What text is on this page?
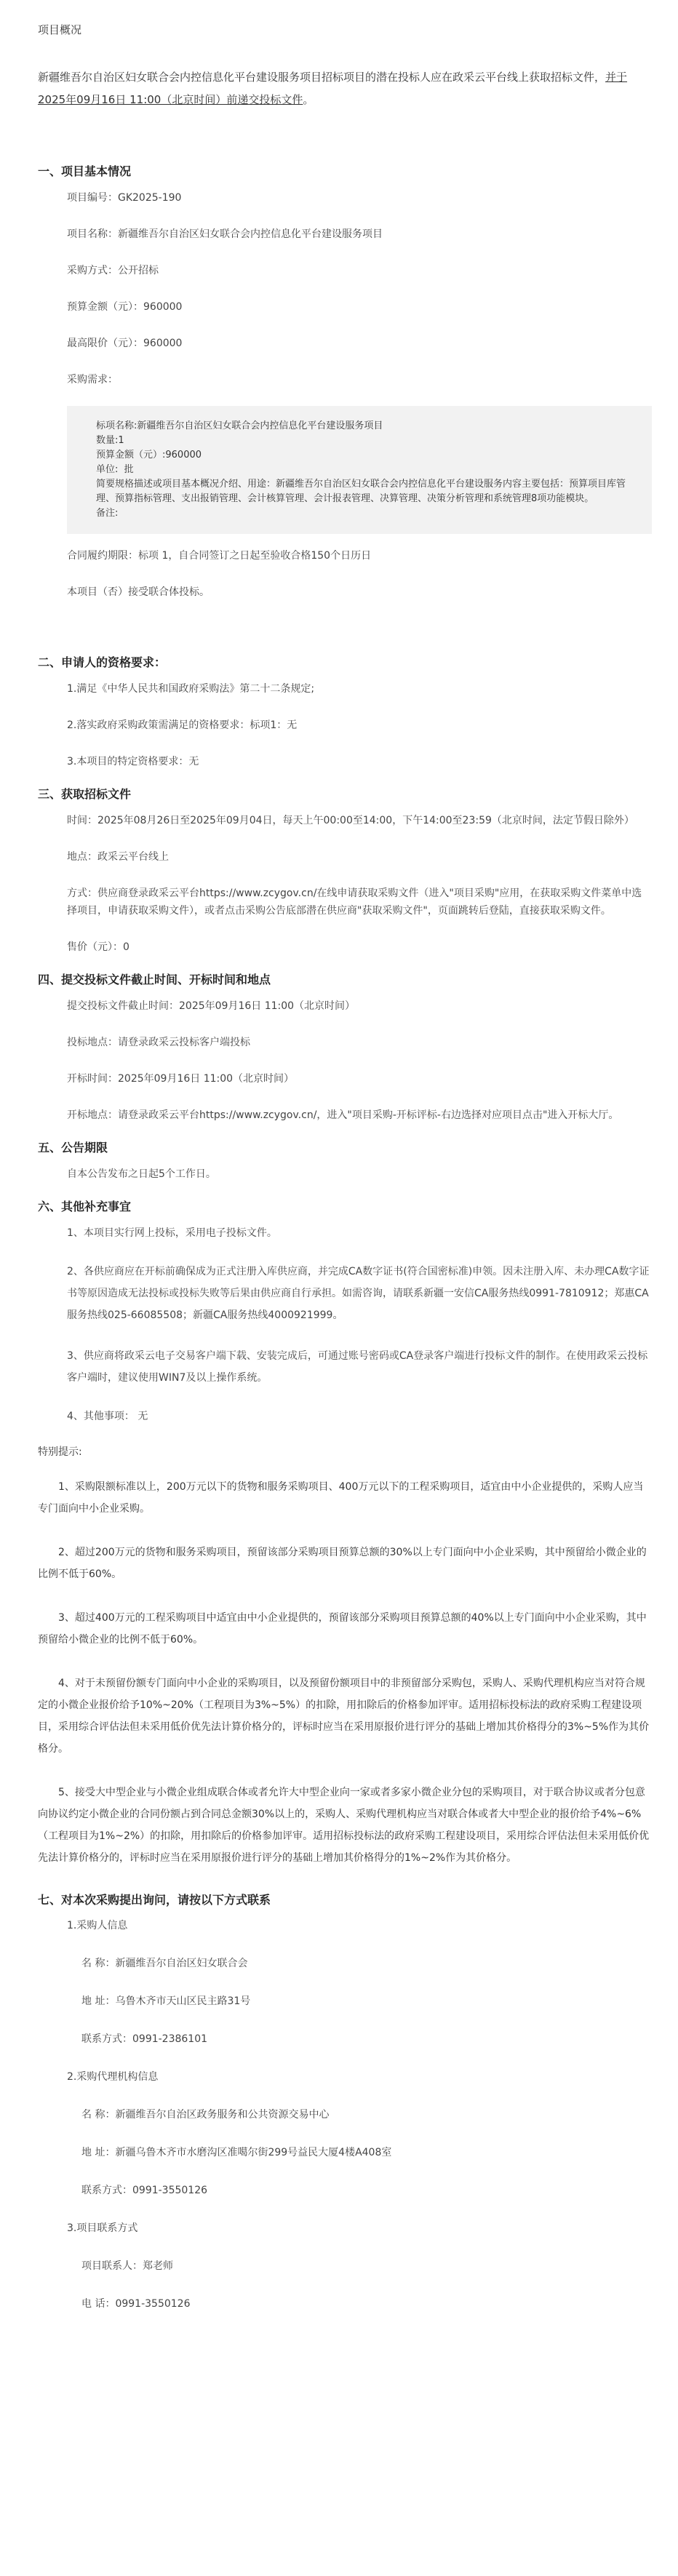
项目概况
新疆维吾尔自治区妇女联合会内控信息化平台建设服务项目招标项目的潜在投标人应在政采云平台线上获取招标文件，并于2025年09月16日 11:00（北京时间）前递交投标文件。
一、项目基本情况
项目编号：GK2025-190
项目名称：新疆维吾尔自治区妇女联合会内控信息化平台建设服务项目
采购方式：公开招标
预算金额（元）：960000
最高限价（元）：960000
采购需求：
标项名称:新疆维吾尔自治区妇女联合会内控信息化平台建设服务项目
数量:1
预算金额（元）:960000
单位:  批
简要规格描述或项目基本概况介绍、用途：新疆维吾尔自治区妇女联合会内控信息化平台建设服务内容主要包括：预算项目库管理、预算指标管理、支出报销管理、会计核算管理、会计报表管理、决算管理、决策分析管理和系统管理8项功能模块。
备注:
合同履约期限：标项 1，自合同签订之日起至验收合格150个日历日
本项目（否）接受联合体投标。
二、申请人的资格要求：
1.满足《中华人民共和国政府采购法》第二十二条规定;
2.落实政府采购政策需满足的资格要求：标项1：无
3.本项目的特定资格要求：无
三、获取招标文件
时间：2025年08月26日至2025年09月04日，每天上午00:00至14:00，下午14:00至23:59（北京时间，法定节假日除外）
地点：政采云平台线上
方式：供应商登录政采云平台https://www.zcygov.cn/在线申请获取采购文件（进入"项目采购"应用，在获取采购文件菜单中选择项目，申请获取采购文件），或者点击采购公告底部潜在供应商"获取采购文件"，页面跳转后登陆，直接获取采购文件。
售价（元）：0
四、提交投标文件截止时间、开标时间和地点
提交投标文件截止时间：2025年09月16日 11:00（北京时间）
投标地点：请登录政采云投标客户端投标
开标时间：2025年09月16日 11:00（北京时间）
开标地点：请登录政采云平台https://www.zcygov.cn/，进入"项目采购-开标评标-右边选择对应项目点击"进入开标大厅。
五、公告期限
自本公告发布之日起5个工作日。
六、其他补充事宜
1、本项目实行网上投标，采用电子投标文件。
2、各供应商应在开标前确保成为正式注册入库供应商，并完成CA数字证书(符合国密标准)申领。因未注册入库、未办理CA数字证书等原因造成无法投标或投标失败等后果由供应商自行承担。如需咨询，请联系新疆一安信CA服务热线0991-7810912；郑惠CA服务热线025-66085508；新疆CA服务热线4000921999。
3、供应商将政采云电子交易客户端下载、安装完成后，可通过账号密码或CA登录客户端进行投标文件的制作。在使用政采云投标客户端时，建议使用WIN7及以上操作系统。
4、其他事项： 无
特别提示:
1、采购限额标准以上，200万元以下的货物和服务采购项目、400万元以下的工程采购项目，适宜由中小企业提供的，采购人应当专门面向中小企业采购。
2、超过200万元的货物和服务采购项目，预留该部分采购项目预算总额的30%以上专门面向中小企业采购，其中预留给小微企业的比例不低于60%。
3、超过400万元的工程采购项目中适宜由中小企业提供的，预留该部分采购项目预算总额的40%以上专门面向中小企业采购，其中预留给小微企业的比例不低于60%。
4、对于未预留份额专门面向中小企业的采购项目，以及预留份额项目中的非预留部分采购包，采购人、采购代理机构应当对符合规定的小微企业报价给予10%~20%（工程项目为3%~5%）的扣除，用扣除后的价格参加评审。适用招标投标法的政府采购工程建设项目，采用综合评估法但未采用低价优先法计算价格分的，评标时应当在采用原报价进行评分的基础上增加其价格得分的3%~5%作为其价格分。
5、接受大中型企业与小微企业组成联合体或者允许大中型企业向一家或者多家小微企业分包的采购项目，对于联合协议或者分包意向协议约定小微企业的合同份额占到合同总金额30%以上的，采购人、采购代理机构应当对联合体或者大中型企业的报价给予4%~6%（工程项目为1%~2%）的扣除，用扣除后的价格参加评审。适用招标投标法的政府采购工程建设项目，采用综合评估法但未采用低价优先法计算价格分的，评标时应当在采用原报价进行评分的基础上增加其价格得分的1%~2%作为其价格分。
七、对本次采购提出询问，请按以下方式联系
1.采购人信息
名 称：新疆维吾尔自治区妇女联合会
地 址：乌鲁木齐市天山区民主路31号
联系方式：0991-2386101
2.采购代理机构信息
名 称：新疆维吾尔自治区政务服务和公共资源交易中心
地 址：新疆乌鲁木齐市水磨沟区准噶尔街299号益民大厦4楼A408室
联系方式：0991-3550126
3.项目联系方式
项目联系人：郑老师
电 话：0991-3550126
